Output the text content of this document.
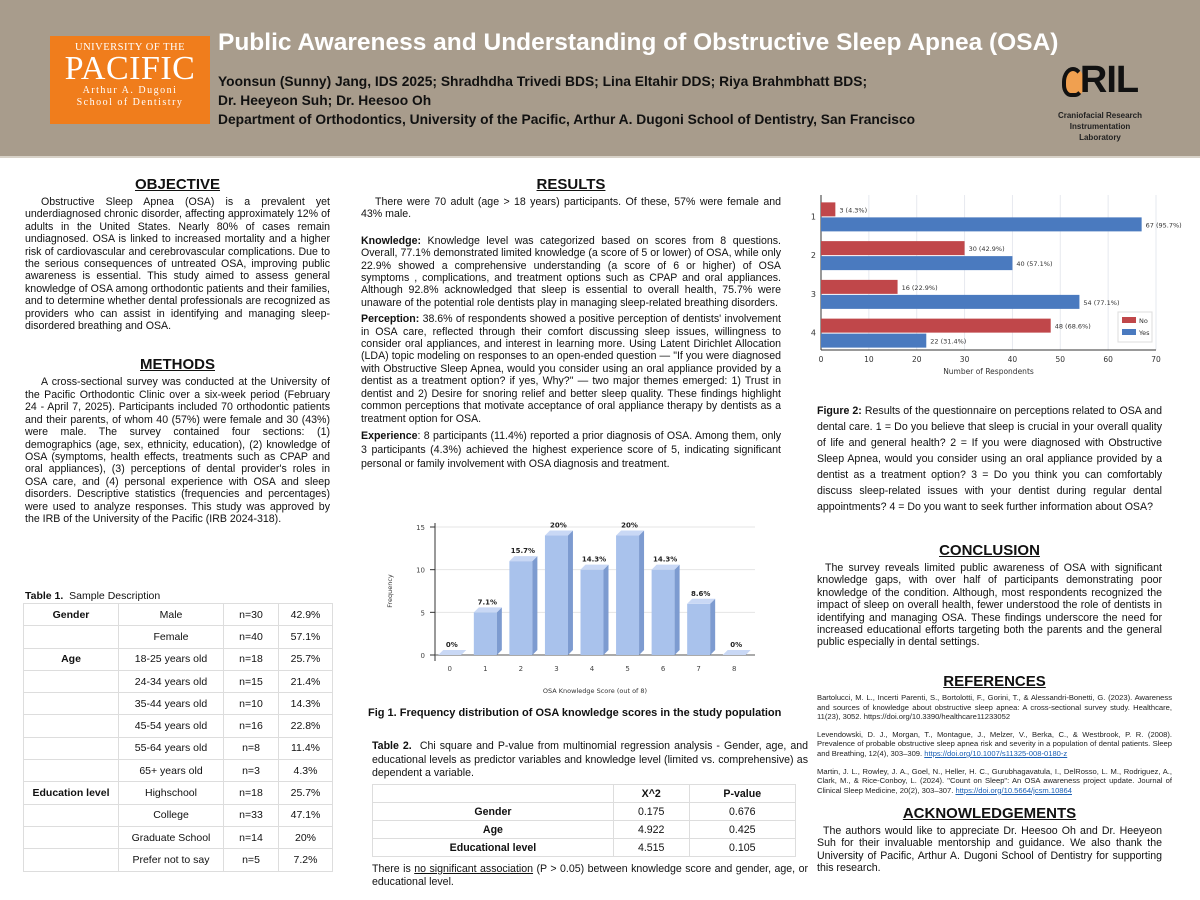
UNIVERSITY OF THE
PACIFIC
Arthur A. Dugoni
School of Dentistry
Public Awareness and Understanding of Obstructive Sleep Apnea (OSA)
Yoonsun (Sunny) Jang, IDS 2025; Shradhdha Trivedi BDS; Lina Eltahir DDS; Riya Brahmbhatt BDS;
Dr. Heeyeon Suh; Dr. Heesoo Oh
Department of Orthodontics, University of the Pacific, Arthur A. Dugoni School of Dentistry, San Francisco
RIL
Craniofacial Research
Instrumentation Laboratory
OBJECTIVE

Obstructive Sleep Apnea (OSA) is a prevalent yet underdiagnosed chronic disorder, affecting approximately 12% of adults in the United States. Nearly 80% of cases remain undiagnosed. OSA is linked to increased mortality and a higher risk of cardiovascular and cerebrovascular complications. Due to the serious consequences of untreated OSA, improving public awareness is essential. This study aimed to assess general knowledge of OSA among orthodontic patients and their families, and to determine whether dental professionals are recognized as providers who can assist in identifying and managing sleep-disordered breathing and OSA.

METHODS

A cross-sectional survey was conducted at the University of the Pacific Orthodontic Clinic over a six-week period (February 24 - April 7, 2025). Participants included 70 orthodontic patients and their parents, of whom 40 (57%) were female and 30 (43%) were male. The survey contained four sections: (1) demographics (age, sex, ethnicity, education), (2) knowledge of OSA (symptoms, health effects, treatments such as CPAP and oral appliances), (3) perceptions of dental provider's roles in OSA care, and (4) personal experience with OSA and sleep disorders. Descriptive statistics (frequencies and percentages) were used to analyze responses. This study was approved by the IRB of the University of the Pacific (IRB 2024-318).

Table 1. Sample Description
Gender	Male	n=30	42.9%
	Female	n=40	57.1%
Age	18-25 years old	n=18	25.7%
	24-34 years old	n=15	21.4%
	35-44 years old	n=10	14.3%
	45-54 years old	n=16	22.8%
	55-64 years old	n=8	11.4%
	65+ years old	n=3	4.3%
Education level	Highschool	n=18	25.7%
	College	n=33	47.1%
	Graduate School	n=14	20%
	Prefer not to say	n=5	7.2%
RESULTS

There were 70 adult (age > 18 years) participants. Of these, 57% were female and 43% male.

Knowledge: Knowledge level was categorized based on scores from 8 questions. Overall, 77.1% demonstrated limited knowledge (a score of 5 or lower) of OSA, while only 22.9% showed a comprehensive understanding (a score of 6 or higher) of OSA symptoms , complications, and treatment options such as CPAP and oral appliances. Although 92.8% acknowledged that sleep is essential to overall health, 75.7% were unaware of the potential role dentists play in managing sleep-related breathing disorders.

Perception: 38.6% of respondents showed a positive perception of dentists' involvement in OSA care, reflected through their comfort discussing sleep issues, willingness to consider oral appliances, and interest in learning more. Using Latent Dirichlet Allocation (LDA) topic modeling on responses to an open-ended question — "If you were diagnosed with Obstructive Sleep Apnea, would you consider using an oral appliance provided by a dentist as a treatment option? if yes, Why?" — two major themes emerged: 1) Trust in dentist and 2) Desire for snoring relief and better sleep quality. These findings highlight common perceptions that motivate acceptance of oral appliance therapy by dentists as a treatment option for OSA.

Experience: 8 participants (11.4%) reported a prior diagnosis of OSA. Among them, only 3 participants (4.3%) achieved the highest experience score of 5, indicating significant personal or family involvement with OSA diagnosis and treatment.

0
5
10
15
0%
0
7.1%
1
15.7%
2
20%
3
14.3%
4
20%
5
14.3%
6
8.6%
7
0%
8
OSA Knowledge Score (out of 8)
Frequency
Fig 1. Frequency distribution of OSA knowledge scores in the study population
Table 2. Chi square and P-value from multinomial regression analysis - Gender, age, and educational levels as predictor variables and knowledge level (limited vs. comprehensive) as dependent a variable.
	X^2	P-value
Gender	0.175	0.676
Age	4.922	0.425
Educational level	4.515	0.105
There is no significant association (P > 0.05) between knowledge score and gender, age, or educational level.
0	10	20	30	40	50	60	70
1
3 (4.3%)
67 (95.7%)
2
30 (42.9%)
40 (57.1%)
3
16 (22.9%)
54 (77.1%)
4
48 (68.6%)
22 (31.4%)
Number of Respondents
No
Yes
Figure 2: Results of the questionnaire on perceptions related to OSA and dental care. 1 = Do you believe that sleep is crucial in your overall quality of life and general health? 2 = If you were diagnosed with Obstructive Sleep Apnea, would you consider using an oral appliance provided by a dentist as a treatment option? 3 = Do you think you can comfortably discuss sleep-related issues with your dentist during regular dental appointments? 4 = Do you want to seek further information about OSA?
CONCLUSION

The survey reveals limited public awareness of OSA with significant knowledge gaps, with over half of participants demonstrating poor knowledge of the condition. Although, most respondents recognized the impact of sleep on overall health, fewer understood the role of dentists in identifying and managing OSA. These findings underscore the need for increased educational efforts targeting both the parents and the general public especially in dental settings.

REFERENCES

Bartolucci, M. L., Incerti Parenti, S., Bortolotti, F., Gorini, T., & Alessandri-Bonetti, G. (2023). Awareness and sources of knowledge about obstructive sleep apnea: A cross-sectional survey study. Healthcare, 11(23), 3052. https://doi.org/10.3390/healthcare11233052

Levendowski, D. J., Morgan, T., Montague, J., Melzer, V., Berka, C., & Westbrook, P. R. (2008). Prevalence of probable obstructive sleep apnea risk and severity in a population of dental patients. Sleep and Breathing, 12(4), 303–309. https://doi.org/10.1007/s11325-008-0180-z

Martin, J. L., Rowley, J. A., Goel, N., Heller, H. C., Gurubhagavatula, I., DelRosso, L. M., Rodriguez, A., Clark, M., & Rice-Conboy, L. (2024). "Count on Sleep": An OSA awareness project update. Journal of Clinical Sleep Medicine, 20(2), 303–307. https://doi.org/10.5664/jcsm.10864

ACKNOWLEDGEMENTS

The authors would like to appreciate Dr. Heesoo Oh and Dr. Heeyeon Suh for their invaluable mentorship and guidance. We also thank the University of Pacific, Arthur A. Dugoni School of Dentistry for supporting this research.
